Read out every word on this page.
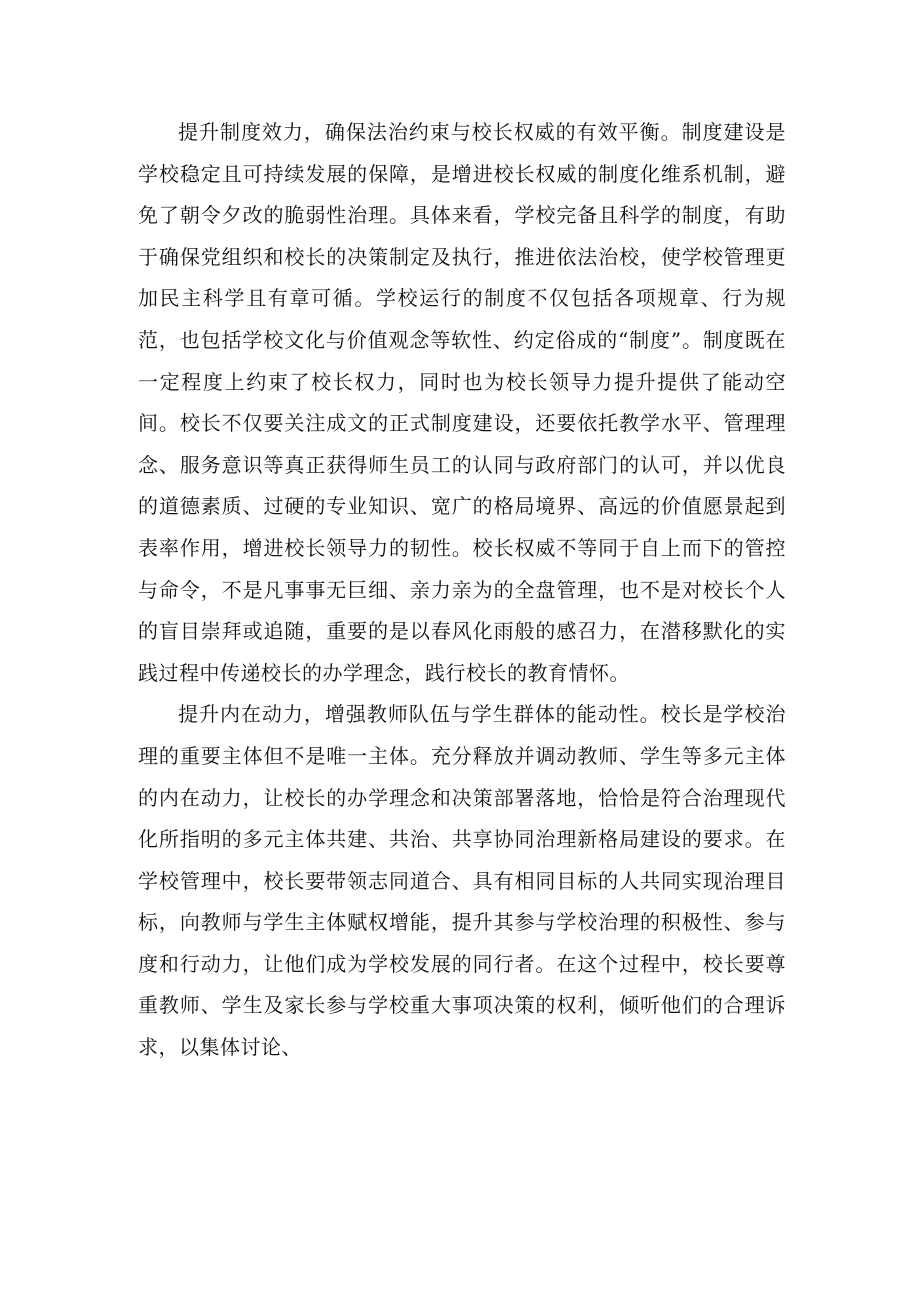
提升制度效力，确保法治约束与校长权威的有效平衡。制度建设是学校稳定且可持续发展的保障，是增进校长权威的制度化维系机制，避免了朝令夕改的脆弱性治理。具体来看，学校完备且科学的制度，有助于确保党组织和校长的决策制定及执行，推进依法治校，使学校管理更加民主科学且有章可循。学校运行的制度不仅包括各项规章、行为规范，也包括学校文化与价值观念等软性、约定俗成的“制度”。制度既在一定程度上约束了校长权力，同时也为校长领导力提升提供了能动空间。校长不仅要关注成文的正式制度建设，还要依托教学水平、管理理念、服务意识等真正获得师生员工的认同与政府部门的认可，并以优良的道德素质、过硬的专业知识、宽广的格局境界、高远的价值愿景起到表率作用，增进校长领导力的韧性。校长权威不等同于自上而下的管控与命令，不是凡事事无巨细、亲力亲为的全盘管理，也不是对校长个人的盲目崇拜或追随，重要的是以春风化雨般的感召力，在潜移默化的实践过程中传递校长的办学理念，践行校长的教育情怀。

提升内在动力，增强教师队伍与学生群体的能动性。校长是学校治理的重要主体但不是唯一主体。充分释放并调动教师、学生等多元主体的内在动力，让校长的办学理念和决策部署落地，恰恰是符合治理现代化所指明的多元主体共建、共治、共享协同治理新格局建设的要求。在学校管理中，校长要带领志同道合、具有相同目标的人共同实现治理目标，向教师与学生主体赋权增能，提升其参与学校治理的积极性、参与度和行动力，让他们成为学校发展的同行者。在这个过程中，校长要尊重教师、学生及家长参与学校重大事项决策的权利，倾听他们的合理诉求，以集体讨论、
